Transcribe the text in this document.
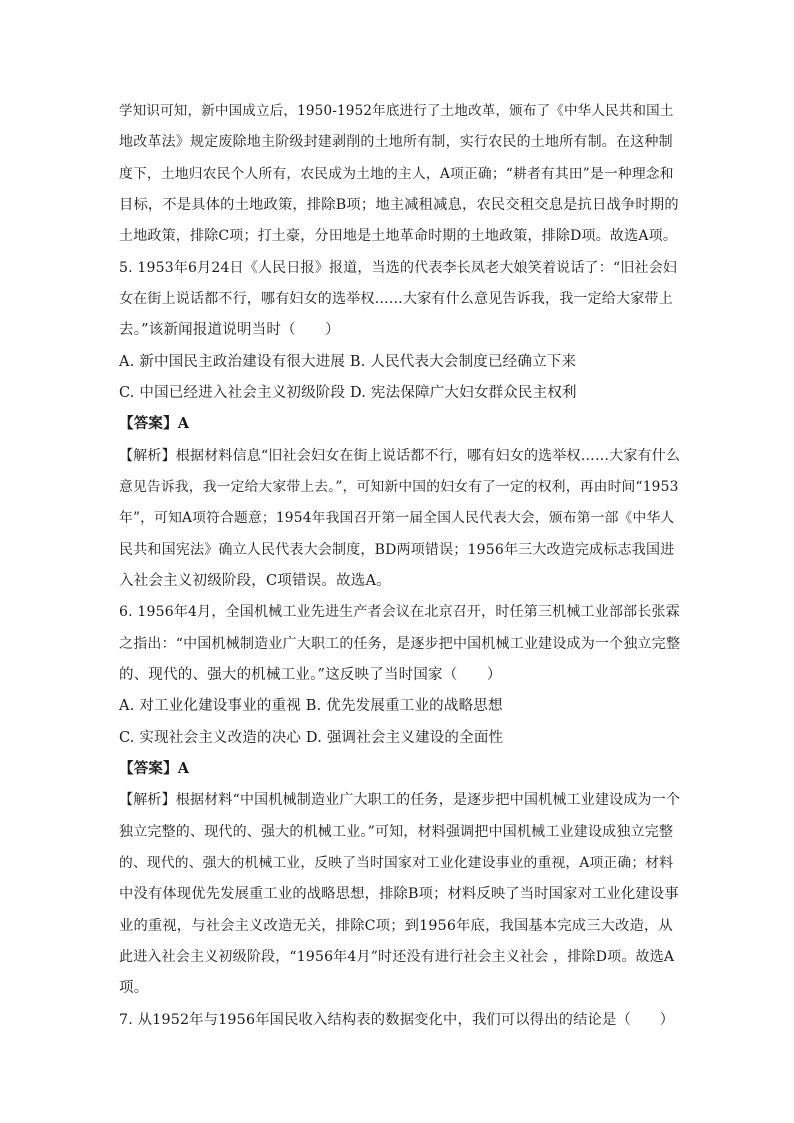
学知识可知，新中国成立后，1950-1952年底进行了土地改革，颁布了《中华人民共和国土
地改革法》规定废除地主阶级封建剥削的土地所有制，实行农民的土地所有制。在这种制
度下，土地归农民个人所有，农民成为土地的主人，A项正确；“耕者有其田”是一种理念和
目标，不是具体的土地政策，排除B项；地主减租减息，农民交租交息是抗日战争时期的
土地政策，排除C项；打土豪，分田地是土地革命时期的土地政策，排除D项。故选A项。
5. 1953年6月24日《人民日报》报道，当选的代表李长凤老大娘笑着说话了：“旧社会妇
女在街上说话都不行，哪有妇女的选举权……大家有什么意见告诉我，我一定给大家带上
去。”该新闻报道说明当时（　　）
A. 新中国民主政治建设有很大进展 B. 人民代表大会制度已经确立下来
C. 中国已经进入社会主义初级阶段 D. 宪法保障广大妇女群众民主权利
【答案】A
【解析】根据材料信息“旧社会妇女在街上说话都不行，哪有妇女的选举权……大家有什么
意见告诉我，我一定给大家带上去。”，可知新中国的妇女有了一定的权利，再由时间“1953
年”，可知A项符合题意；1954年我国召开第一届全国人民代表大会，颁布第一部《中华人
民共和国宪法》确立人民代表大会制度，BD两项错误；1956年三大改造完成标志我国进
入社会主义初级阶段，C项错误。故选A。
6. 1956年4月，全国机械工业先进生产者会议在北京召开，时任第三机械工业部部长张霖
之指出：“中国机械制造业广大职工的任务，是逐步把中国机械工业建设成为一个独立完整
的、现代的、强大的机械工业。”这反映了当时国家（　　）
A. 对工业化建设事业的重视 B. 优先发展重工业的战略思想
C. 实现社会主义改造的决心 D. 强调社会主义建设的全面性
【答案】A
【解析】根据材料“中国机械制造业广大职工的任务，是逐步把中国机械工业建设成为一个
独立完整的、现代的、强大的机械工业。”可知，材料强调把中国机械工业建设成独立完整
的、现代的、强大的机械工业，反映了当时国家对工业化建设事业的重视，A项正确；材料
中没有体现优先发展重工业的战略思想，排除B项；材料反映了当时国家对工业化建设事
业的重视，与社会主义改造无关，排除C项；到1956年底，我国基本完成三大改造，从
此进入社会主义初级阶段，“1956年4月”时还没有进行社会主义社会 ，排除D项。故选A
项。
7. 从1952年与1956年国民收入结构表的数据变化中，我们可以得出的结论是（　　）
